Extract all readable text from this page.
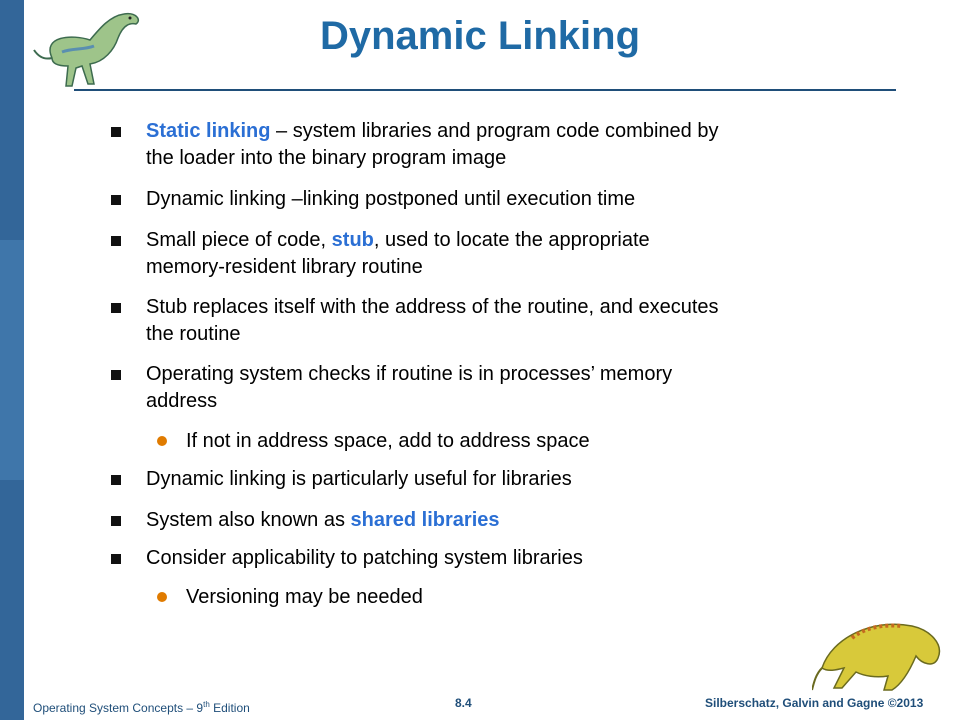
Dynamic Linking
Static linking – system libraries and program code combined by
the loader into the binary program image
Dynamic linking –linking postponed until execution time
Small piece of code, stub, used to locate the appropriate
memory-resident library routine
Stub replaces itself with the address of the routine, and executes
the routine
Operating system checks if routine is in processes’ memory
address
If not in address space, add to address space
Dynamic linking is particularly useful for libraries
System also known as shared libraries
Consider applicability to patching system libraries
Versioning may be needed
Operating System Concepts – 9th Edition	8.4	Silberschatz, Galvin and Gagne ©2013
